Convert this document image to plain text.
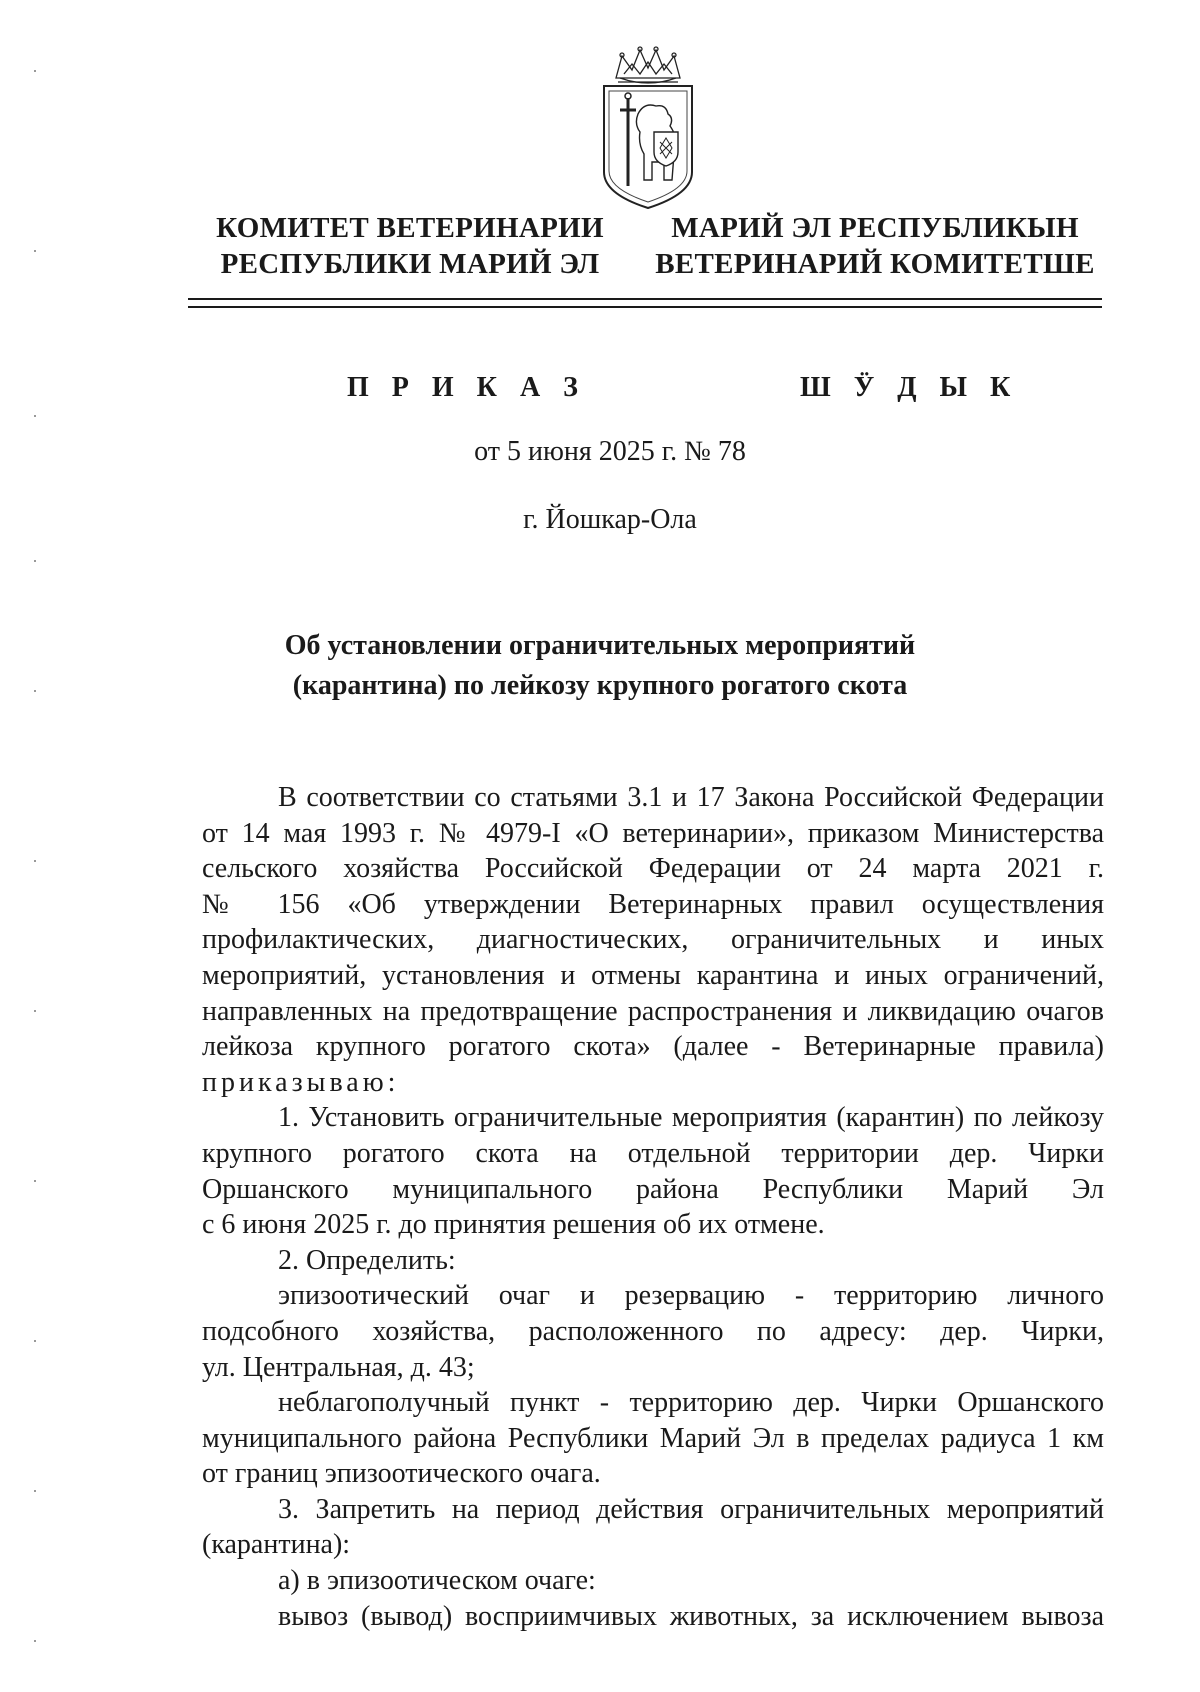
КОМИТЕТ ВЕТЕРИНАРИИ
РЕСПУБЛИКИ МАРИЙ ЭЛ
МАРИЙ ЭЛ РЕСПУБЛИКЫН
ВЕТЕРИНАРИЙ КОМИТЕТШЕ
П Р И К А З	Ш Ӱ Д Ы К
от 5 июня 2025 г. № 78
г. Йошкар-Ола
Об установлении ограничительных мероприятий
(карантина) по лейкозу крупного рогатого скота

В соответствии со статьями 3.1 и 17 Закона Российской Федерации

от 14 мая 1993 г. № 4979-I «О ветеринарии», приказом Министерства

сельского хозяйства Российской Федерации от 24 марта 2021 г.

№ 156 «Об утверждении Ветеринарных правил осуществления

профилактических, диагностических, ограничительных и иных

мероприятий, установления и отмены карантина и иных ограничений,

направленных на предотвращение распространения и ликвидацию очагов

лейкоза крупного рогатого скота» (далее - Ветеринарные правила)

приказываю:

1. Установить ограничительные мероприятия (карантин) по лейкозу

крупного рогатого скота на отдельной территории дер. Чирки

Оршанского муниципального района Республики Марий Эл

с 6 июня 2025 г. до принятия решения об их отмене.

2. Определить:

эпизоотический очаг и резервацию - территорию личного

подсобного хозяйства, расположенного по адресу: дер. Чирки,

ул. Центральная, д. 43;

неблагополучный пункт - территорию дер. Чирки Оршанского

муниципального района Республики Марий Эл в пределах радиуса 1 км

от границ эпизоотического очага.

3. Запретить на период действия ограничительных мероприятий

(карантина):

а) в эпизоотическом очаге:

вывоз (вывод) восприимчивых животных, за исключением вывоза
